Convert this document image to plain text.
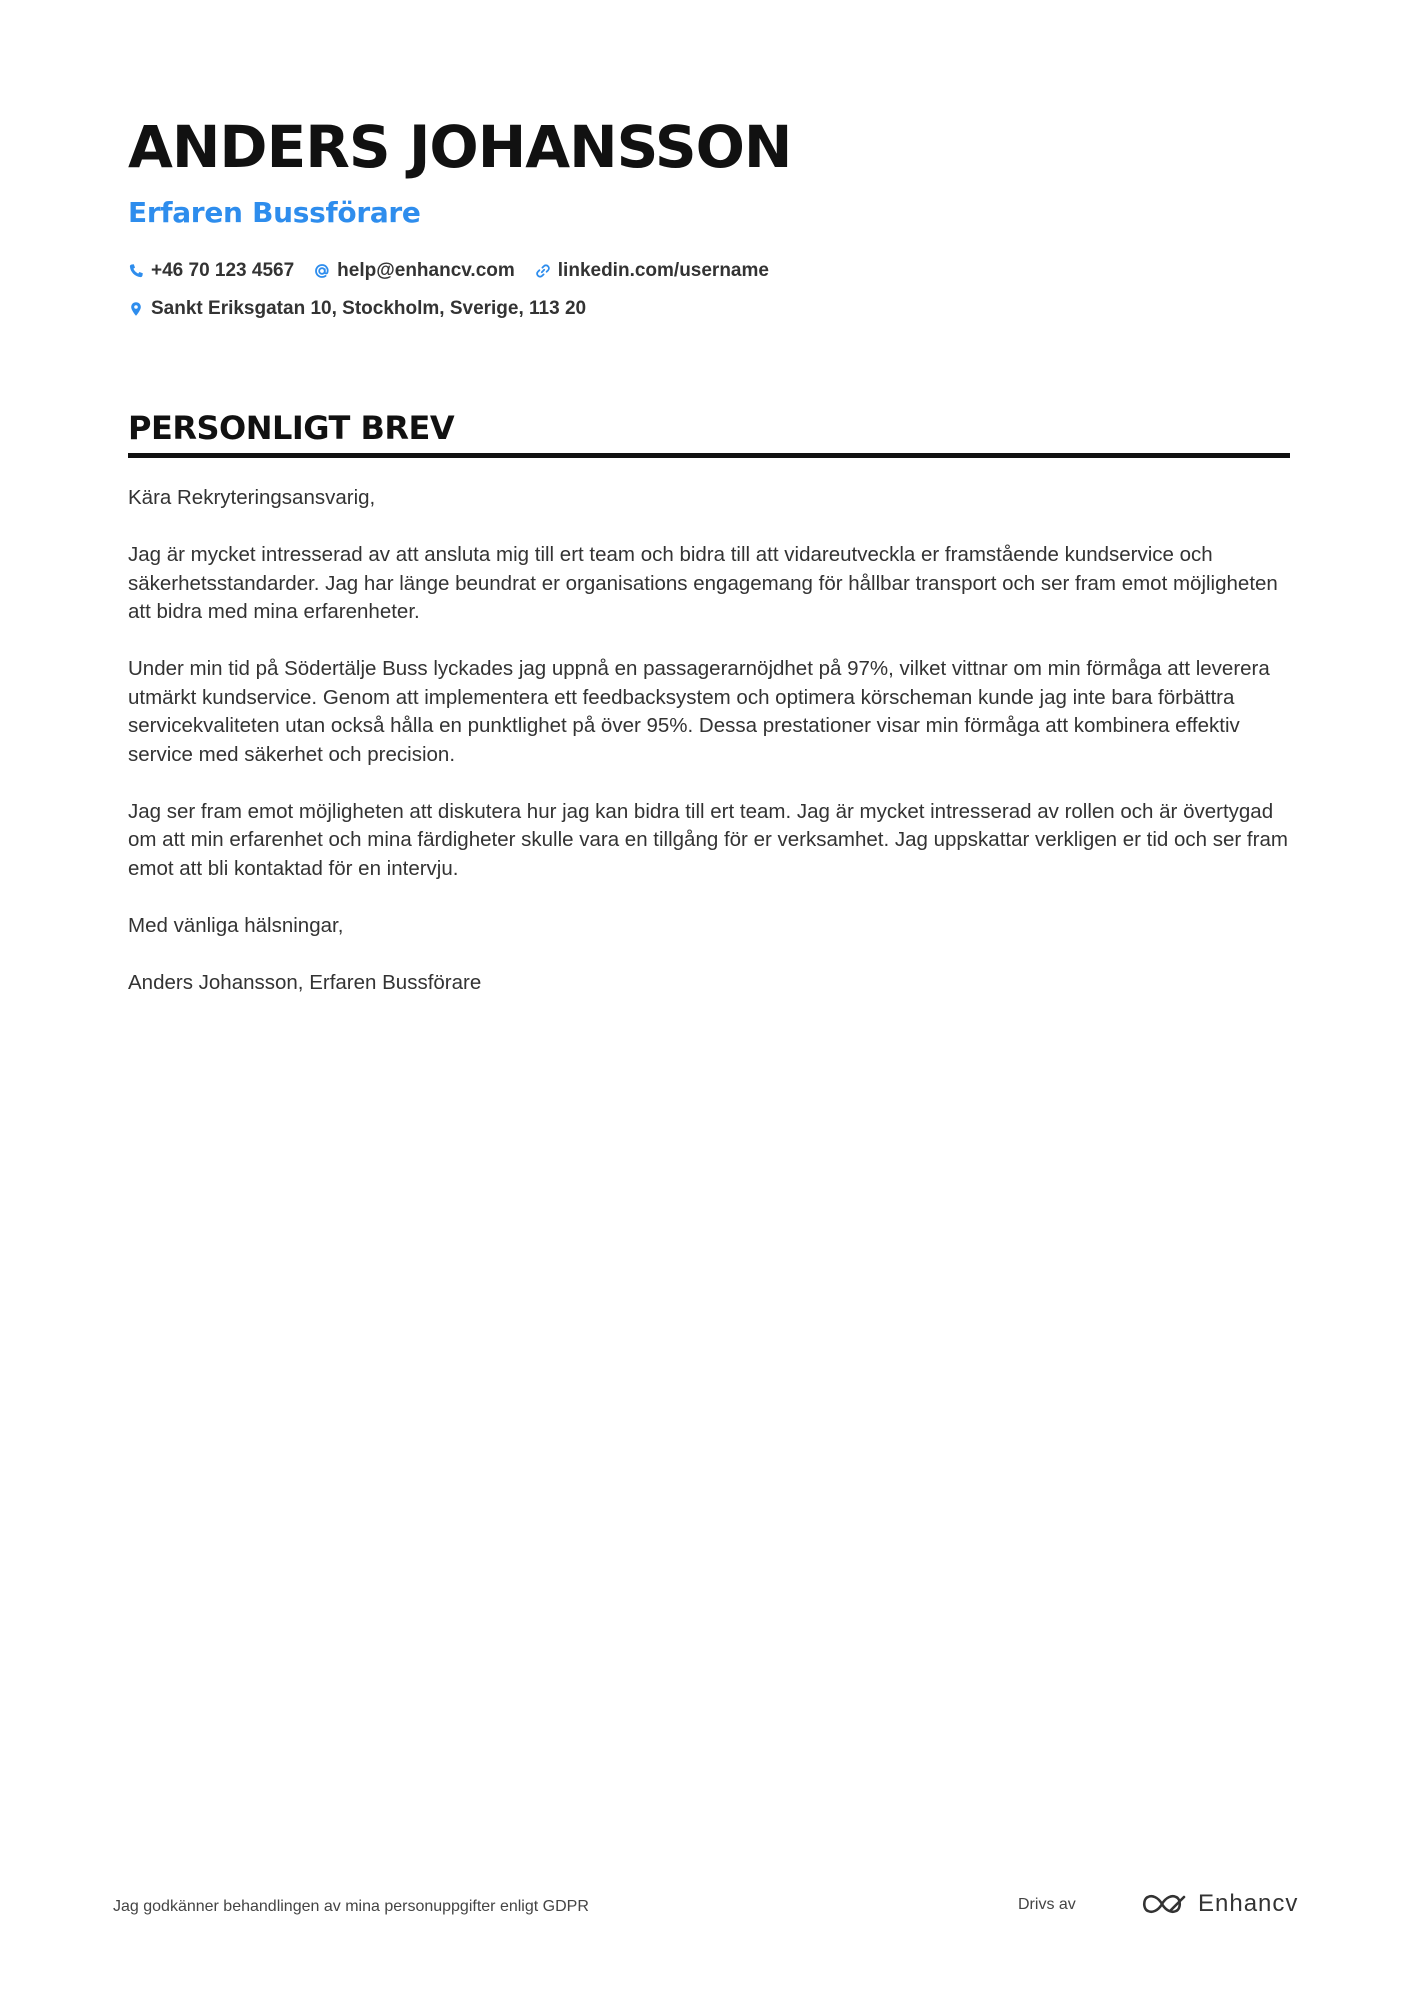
ANDERS JOHANSSON
Erfaren Bussförare
+46 70 123 4567 help@enhancv.com linkedin.com/username
Sankt Eriksgatan 10, Stockholm, Sverige, 113 20
PERSONLIGT BREV

Kära Rekryteringsansvarig,

Jag är mycket intresserad av att ansluta mig till ert team och bidra till att vidareutveckla er framstående kundservice och säkerhetsstandarder. Jag har länge beundrat er organisations engagemang för hållbar transport och ser fram emot möjligheten att bidra med mina erfarenheter.

Under min tid på Södertälje Buss lyckades jag uppnå en passagerarnöjdhet på 97%, vilket vittnar om min förmåga att leverera utmärkt kundservice. Genom att implementera ett feedbacksystem och optimera körscheman kunde jag inte bara förbättra servicekvaliteten utan också hålla en punktlighet på över 95%. Dessa prestationer visar min förmåga att kombinera effektiv service med säkerhet och precision.

Jag ser fram emot möjligheten att diskutera hur jag kan bidra till ert team. Jag är mycket intresserad av rollen och är övertygad om att min erfarenhet och mina färdigheter skulle vara en tillgång för er verksamhet. Jag uppskattar verkligen er tid och ser fram emot att bli kontaktad för en intervju.

Med vänliga hälsningar,

Anders Johansson, Erfaren Bussförare

Jag godkänner behandlingen av mina personuppgifter enligt GDPR	Drivs av	Enhancv
